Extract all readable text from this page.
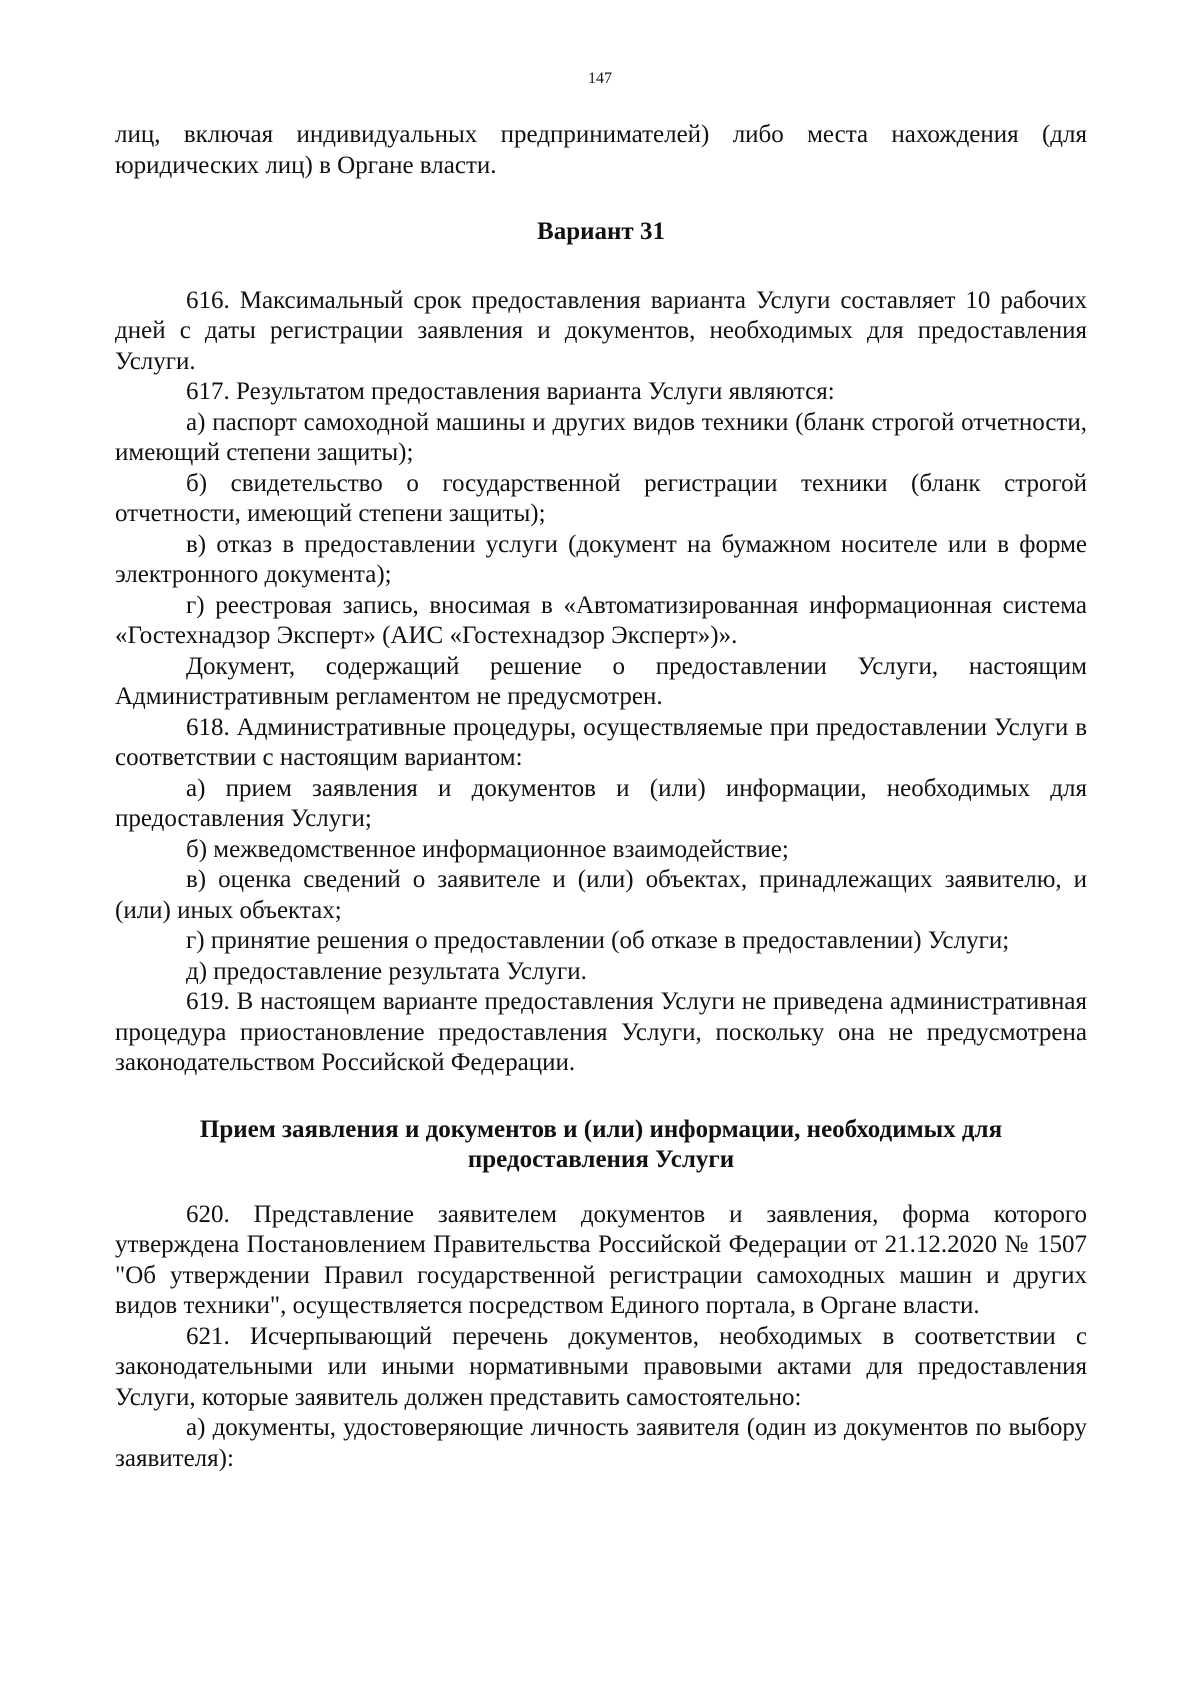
147

лиц, включая индивидуальных предпринимателей) либо места нахождения (для юридических лиц) в Органе власти.

Вариант 31

616. Максимальный срок предоставления варианта Услуги составляет 10 рабочих дней с даты регистрации заявления и документов, необходимых для предоставления Услуги.

617. Результатом предоставления варианта Услуги являются:

а) паспорт самоходной машины и других видов техники (бланк строгой отчетности, имеющий степени защиты);

б) свидетельство о государственной регистрации техники (бланк строгой отчетности, имеющий степени защиты);

в) отказ в предоставлении услуги (документ на бумажном носителе или в форме электронного документа);

г) реестровая запись, вносимая в «Автоматизированная информационная система «Гостехнадзор Эксперт» (АИС «Гостехнадзор Эксперт»)».

Документ, содержащий решение о предоставлении Услуги, настоящим Административным регламентом не предусмотрен.

618. Административные процедуры, осуществляемые при предоставлении Услуги в соответствии с настоящим вариантом:

а) прием заявления и документов и (или) информации, необходимых для предоставления Услуги;

б) межведомственное информационное взаимодействие;

в) оценка сведений о заявителе и (или) объектах, принадлежащих заявителю, и (или) иных объектах;

г) принятие решения о предоставлении (об отказе в предоставлении) Услуги;

д) предоставление результата Услуги.

619. В настоящем варианте предоставления Услуги не приведена административная процедура приостановление предоставления Услуги, поскольку она не предусмотрена законодательством Российской Федерации.

Прием заявления и документов и (или) информации, необходимых для
предоставления Услуги

620. Представление заявителем документов и заявления, форма которого утверждена Постановлением Правительства Российской Федерации от 21.12.2020 № 1507 "Об утверждении Правил государственной регистрации самоходных машин и других видов техники", осуществляется посредством Единого портала, в Органе власти.

621. Исчерпывающий перечень документов, необходимых в соответствии с законодательными или иными нормативными правовыми актами для предоставления Услуги, которые заявитель должен представить самостоятельно:

а) документы, удостоверяющие личность заявителя (один из документов по выбору заявителя):
